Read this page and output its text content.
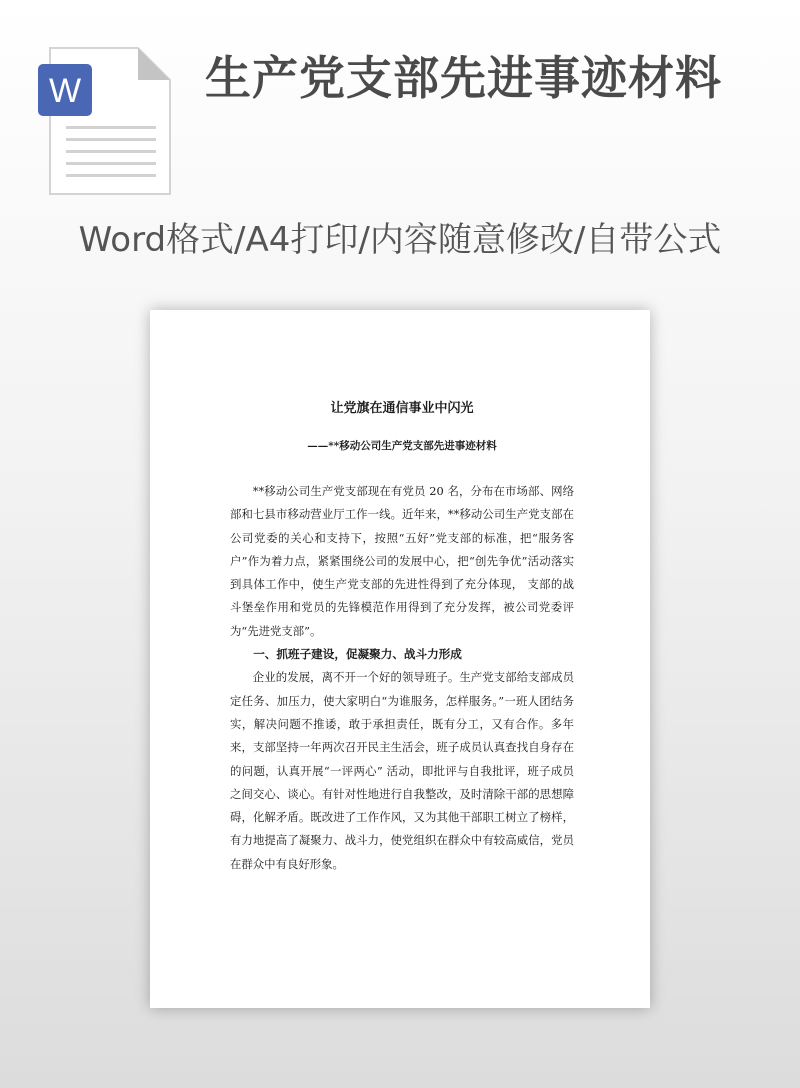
W	生产党支部先进事迹材料
Word格式/A4打印/内容随意修改/自带公式

让党旗在通信事业中闪光

——**移动公司生产党支部先进事迹材料

**移动公司生产党支部现在有党员 20 名，分布在市场部、网络部和七县市移动营业厅工作一线。近年来，**移动公司生产党支部在公司党委的关心和支持下，按照“五好”党支部的标准，把“服务客户”作为着力点，紧紧围绕公司的发展中心，把“创先争优”活动落实到具体工作中，使生产党支部的先进性得到了充分体现， 支部的战斗堡垒作用和党员的先锋模范作用得到了充分发挥，被公司党委评为“先进党支部”。

一、抓班子建设，促凝聚力、战斗力形成

企业的发展，离不开一个好的领导班子。生产党支部给支部成员定任务、加压力，使大家明白“为谁服务，怎样服务。”一班人团结务实，解决问题不推诿，敢于承担责任，既有分工，又有合作。多年来，支部坚持一年两次召开民主生活会，班子成员认真查找自身存在的问题，认真开展“一评两心” 活动，即批评与自我批评，班子成员之间交心、谈心。有针对性地进行自我整改，及时清除干部的思想障碍，化解矛盾。既改进了工作作风，又为其他干部职工树立了榜样，有力地提高了凝聚力、战斗力，使党组织在群众中有较高威信，党员在群众中有良好形象。
